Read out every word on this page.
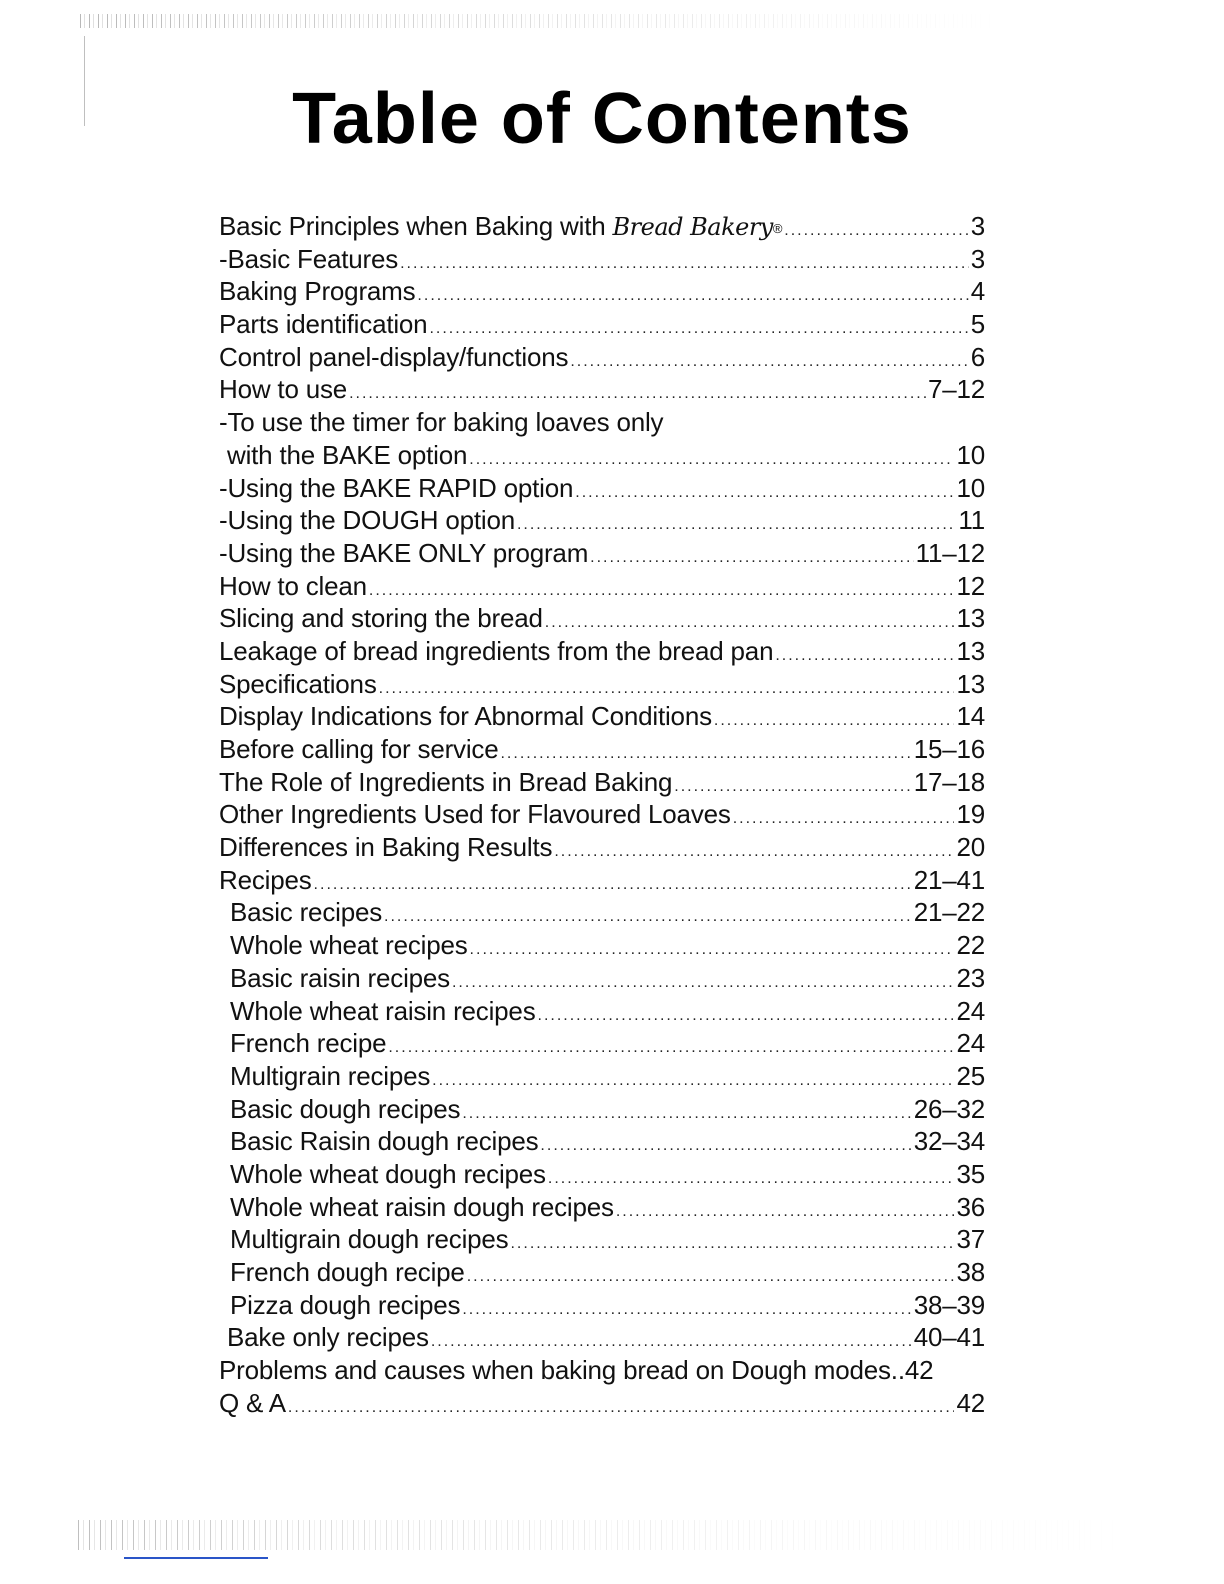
Table of Contents
Basic Principles when Baking with Bread Bakery® .....	3
-Basic Features .....	3
Baking Programs .....	4
Parts identification .....	5
Control panel-display/functions .....	6
How to use .....	7–12
-To use the timer for baking loaves only
with the BAKE option .....	10
-Using the BAKE RAPID option .....	10
-Using the DOUGH option .....	11
-Using the BAKE ONLY program .....	11–12
How to clean .....	12
Slicing and storing the bread .....	13
Leakage of bread ingredients from the bread pan .....	13
Specifications .....	13
Display Indications for Abnormal Conditions .....	14
Before calling for service .....	15–16
The Role of Ingredients in Bread Baking .....	17–18
Other Ingredients Used for Flavoured Loaves .....	19
Differences in Baking Results .....	20
Recipes .....	21–41
Basic recipes .....	21–22
Whole wheat recipes .....	22
Basic raisin recipes .....	23
Whole wheat raisin recipes .....	24
French recipe .....	24
Multigrain recipes .....	25
Basic dough recipes .....	26–32
Basic Raisin dough recipes .....	32–34
Whole wheat dough recipes .....	35
Whole wheat raisin dough recipes .....	36
Multigrain dough recipes .....	37
French dough recipe .....	38
Pizza dough recipes .....	38–39
Bake only recipes .....	40–41
Problems and causes when baking bread on Dough modes.. 42
Q & A .....	42
